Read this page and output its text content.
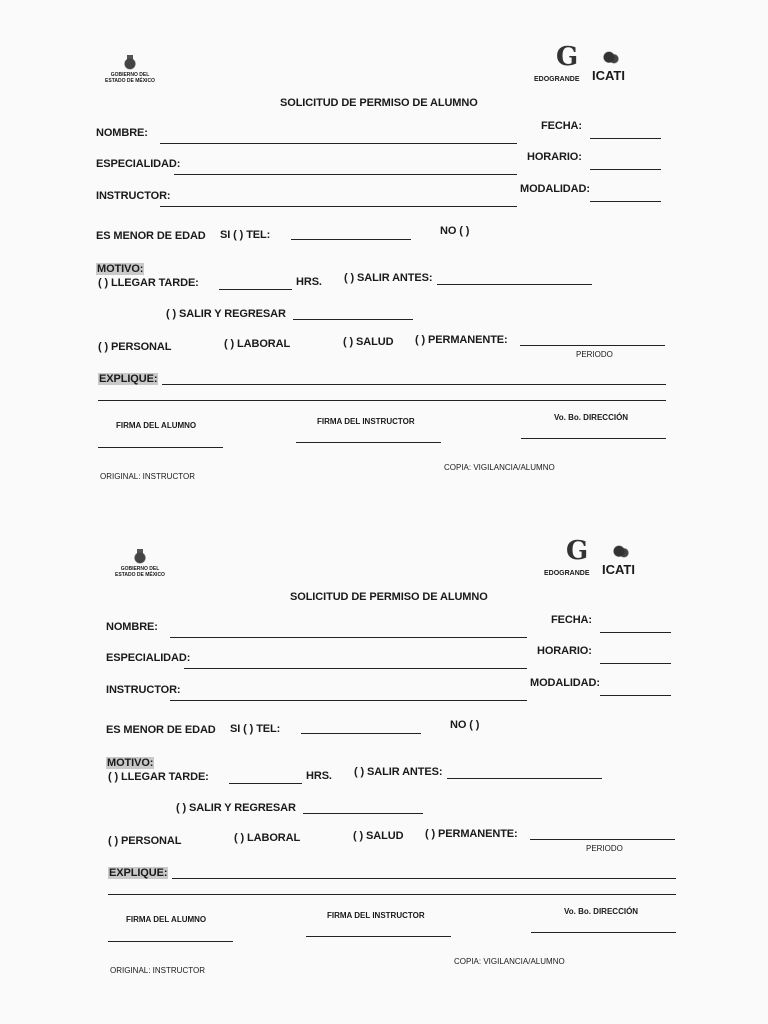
GOBIERNO DEL ESTADO DE MÉXICO
G
EDOGRANDE ICATI
SOLICITUD DE PERMISO DE ALUMNO
NOMBRE:
FECHA:
ESPECIALIDAD:
HORARIO:
INSTRUCTOR:
MODALIDAD:
ES MENOR DE EDAD SI ( ) TEL:	NO ( )
MOTIVO:
( ) LLEGAR TARDE:	HRS. ( ) SALIR ANTES:
( ) SALIR Y REGRESAR
( ) PERSONAL	( ) LABORAL	( ) SALUD ( ) PERMANENTE:
PERIODO
EXPLIQUE:
FIRMA DEL ALUMNO	FIRMA DEL INSTRUCTOR	Vo. Bo. DIRECCIÓN
ORIGINAL: INSTRUCTOR
COPIA: VIGILANCIA/ALUMNO
GOBIERNO DEL ESTADO DE MÉXICO
G
EDOGRANDE ICATI
SOLICITUD DE PERMISO DE ALUMNO
NOMBRE:
FECHA:
ESPECIALIDAD:
HORARIO:
INSTRUCTOR:
MODALIDAD:
ES MENOR DE EDAD SI ( ) TEL:	NO ( )
MOTIVO:
( ) LLEGAR TARDE:	HRS. ( ) SALIR ANTES:
( ) SALIR Y REGRESAR
( ) PERSONAL	( ) LABORAL	( ) SALUD ( ) PERMANENTE:
PERIODO
EXPLIQUE:
FIRMA DEL ALUMNO	FIRMA DEL INSTRUCTOR	Vo. Bo. DIRECCIÓN
ORIGINAL: INSTRUCTOR
COPIA: VIGILANCIA/ALUMNO
